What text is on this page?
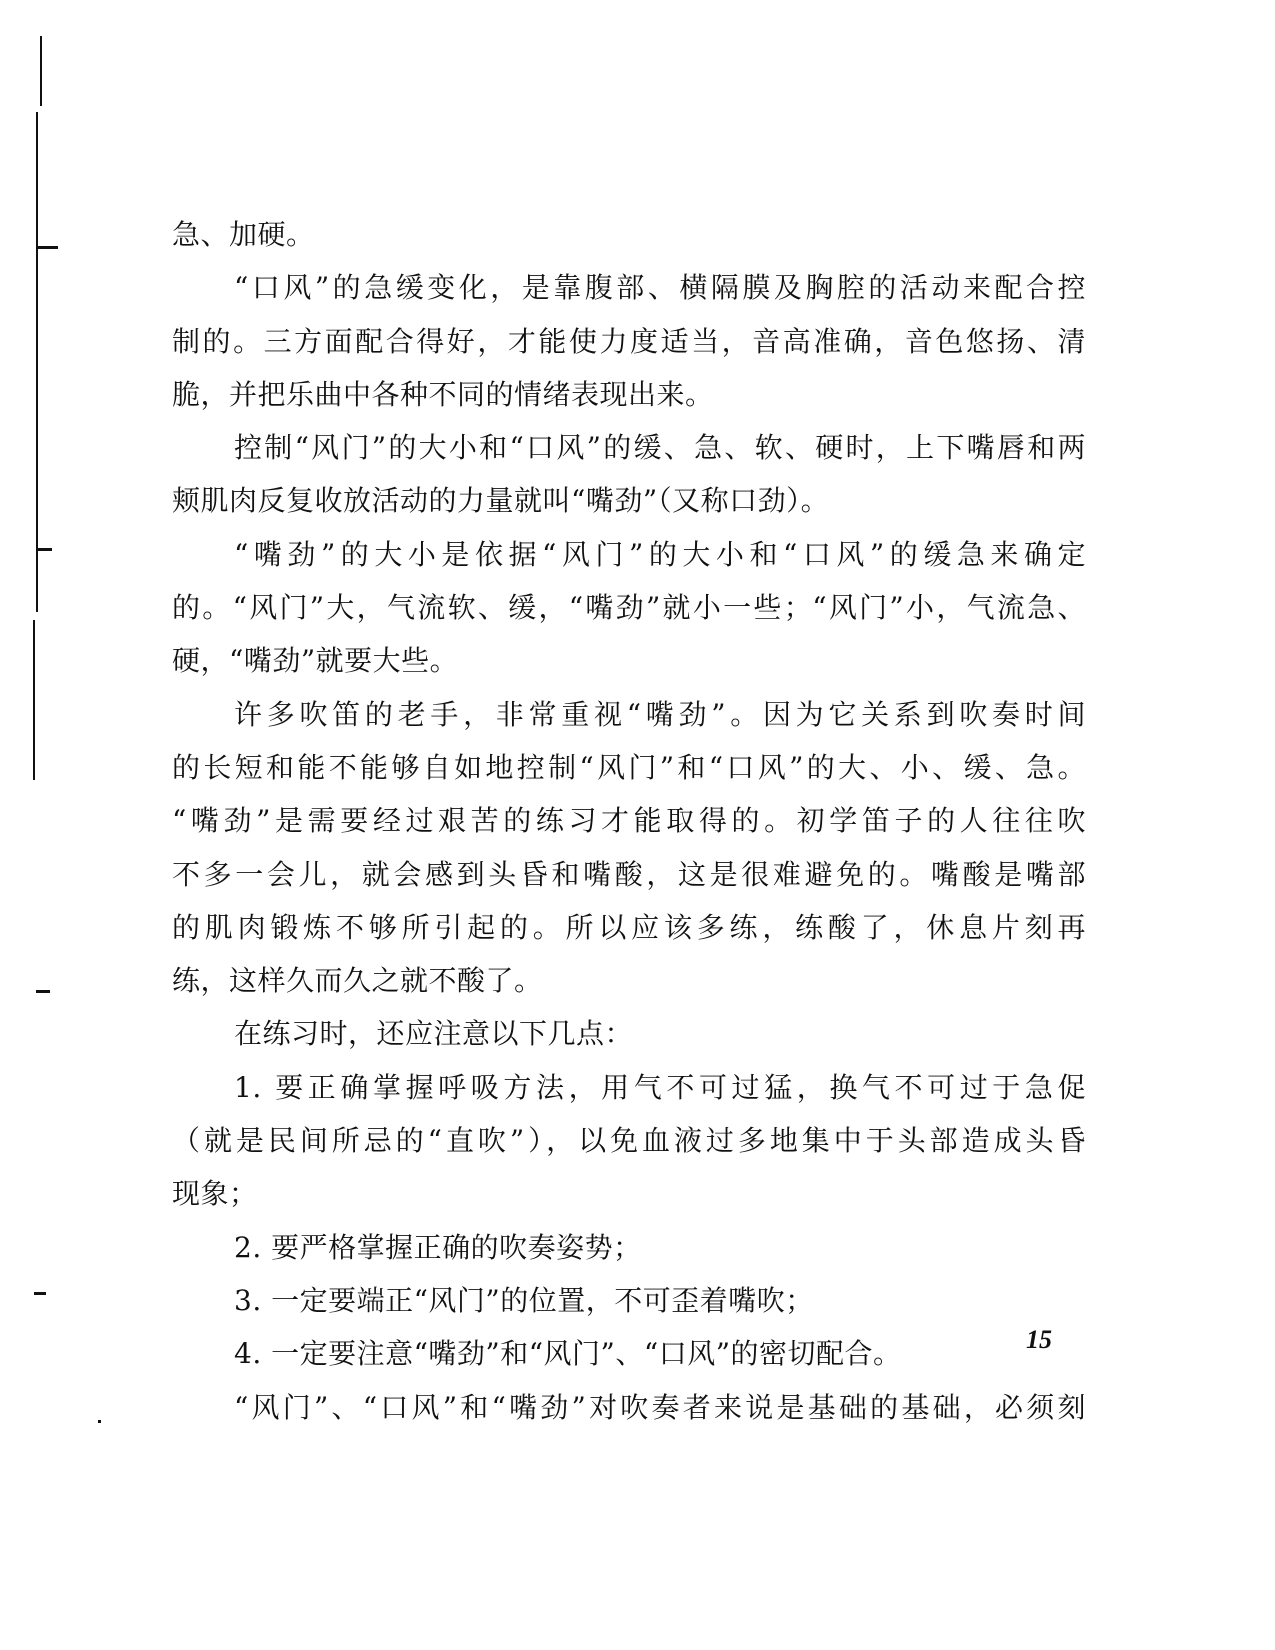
急、加硬。
“口风”的急缓变化，是靠腹部、横隔膜及胸腔的活动来配合控
制的。三方面配合得好，才能使力度适当，音高准确，音色悠扬、清
脆，并把乐曲中各种不同的情绪表现出来。
控制“风门”的大小和“口风”的缓、急、软、硬时，上下嘴唇和两
颊肌肉反复收放活动的力量就叫“嘴劲”（又称口劲）。
“嘴劲”的大小是依据“风门”的大小和“口风”的缓急来确定
的。“风门”大，气流软、缓，“嘴劲”就小一些；“风门”小，气流急、
硬，“嘴劲”就要大些。
许多吹笛的老手，非常重视“嘴劲”。因为它关系到吹奏时间
的长短和能不能够自如地控制“风门”和“口风”的大、小、缓、急。
“嘴劲”是需要经过艰苦的练习才能取得的。初学笛子的人往往吹
不多一会儿，就会感到头昏和嘴酸，这是很难避免的。嘴酸是嘴部
的肌肉锻炼不够所引起的。所以应该多练，练酸了，休息片刻再
练，这样久而久之就不酸了。
在练习时，还应注意以下几点：
1. 要正确掌握呼吸方法，用气不可过猛，换气不可过于急促
（就是民间所忌的“直吹”），以免血液过多地集中于头部造成头昏
现象；
2. 要严格掌握正确的吹奏姿势；
3. 一定要端正“风门”的位置，不可歪着嘴吹；
4. 一定要注意“嘴劲”和“风门”、“口风”的密切配合。
“风门”、“口风”和“嘴劲”对吹奏者来说是基础的基础，必须刻
15
